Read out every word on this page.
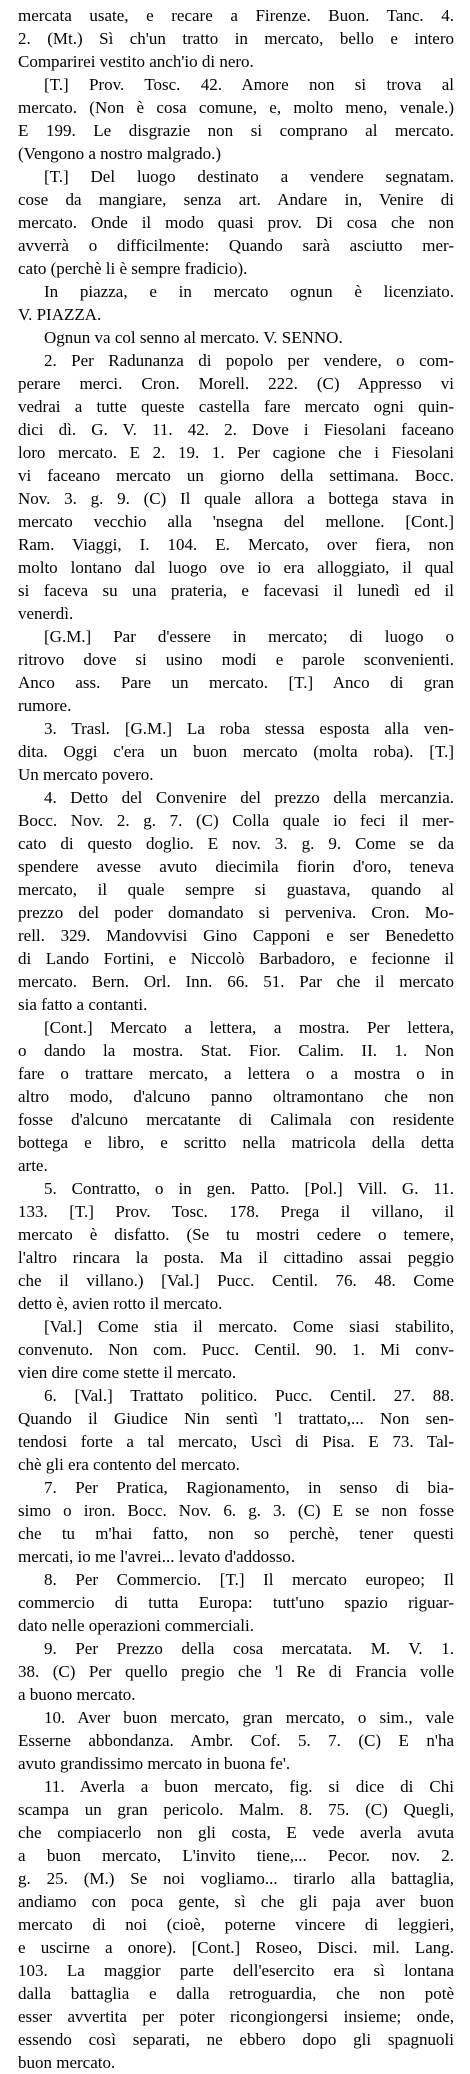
mercata usate, e recare a Firenze. Buon. Tanc. 4.
2. (Mt.) Sì ch'un tratto in mercato, bello e intero
Comparirei vestito anch'io di nero.
[T.] Prov. Tosc. 42. Amore non si trova al
mercato. (Non è cosa comune, e, molto meno, venale.)
E 199. Le disgrazie non si comprano al mercato.
(Vengono a nostro malgrado.)
[T.] Del luogo destinato a vendere segnatam.
cose da mangiare, senza art. Andare in, Venire di
mercato. Onde il modo quasi prov. Di cosa che non
avverrà o difficilmente: Quando sarà asciutto mer-
cato (perchè li è sempre fradicio).
In piazza, e in mercato ognun è licenziato.
V. PIAZZA.
Ognun va col senno al mercato. V. SENNO.
2. Per Radunanza di popolo per vendere, o com-
perare merci. Cron. Morell. 222. (C) Appresso vi
vedrai a tutte queste castella fare mercato ogni quin-
dici dì. G. V. 11. 42. 2. Dove i Fiesolani faceano
loro mercato. E 2. 19. 1. Per cagione che i Fiesolani
vi faceano mercato un giorno della settimana. Bocc.
Nov. 3. g. 9. (C) Il quale allora a bottega stava in
mercato vecchio alla 'nsegna del mellone. [Cont.]
Ram. Viaggi, I. 104. E. Mercato, over fiera, non
molto lontano dal luogo ove io era alloggiato, il qual
si faceva su una prateria, e facevasi il lunedì ed il
venerdì.
[G.M.] Par d'essere in mercato; di luogo o
ritrovo dove si usino modi e parole sconvenienti.
Anco ass. Pare un mercato. [T.] Anco di gran
rumore.
3. Trasl. [G.M.] La roba stessa esposta alla ven-
dita. Oggi c'era un buon mercato (molta roba). [T.]
Un mercato povero.
4. Detto del Convenire del prezzo della mercanzia.
Bocc. Nov. 2. g. 7. (C) Colla quale io feci il mer-
cato di questo doglio. E nov. 3. g. 9. Come se da
spendere avesse avuto diecimila fiorin d'oro, teneva
mercato, il quale sempre si guastava, quando al
prezzo del poder domandato si perveniva. Cron. Mo-
rell. 329. Mandovvisi Gino Capponi e ser Benedetto
di Lando Fortini, e Niccolò Barbadoro, e fecionne il
mercato. Bern. Orl. Inn. 66. 51. Par che il mercato
sia fatto a contanti.
[Cont.] Mercato a lettera, a mostra. Per lettera,
o dando la mostra. Stat. Fior. Calim. II. 1. Non
fare o trattare mercato, a lettera o a mostra o in
altro modo, d'alcuno panno oltramontano che non
fosse d'alcuno mercatante di Calimala con residente
bottega e libro, e scritto nella matricola della detta
arte.
5. Contratto, o in gen. Patto. [Pol.] Vill. G. 11.
133. [T.] Prov. Tosc. 178. Prega il villano, il
mercato è disfatto. (Se tu mostri cedere o temere,
l'altro rincara la posta. Ma il cittadino assai peggio
che il villano.) [Val.] Pucc. Centil. 76. 48. Come
detto è, avien rotto il mercato.
[Val.] Come stia il mercato. Come siasi stabilito,
convenuto. Non com. Pucc. Centil. 90. 1. Mi conv-
vien dire come stette il mercato.
6. [Val.] Trattato politico. Pucc. Centil. 27. 88.
Quando il Giudice Nin sentì 'l trattato,... Non sen-
tendosi forte a tal mercato, Uscì di Pisa. E 73. Tal-
chè gli era contento del mercato.
7. Per Pratica, Ragionamento, in senso di bia-
simo o iron. Bocc. Nov. 6. g. 3. (C) E se non fosse
che tu m'hai fatto, non so perchè, tener questi
mercati, io me l'avrei... levato d'addosso.
8. Per Commercio. [T.] Il mercato europeo; Il
commercio di tutta Europa: tutt'uno spazio riguar-
dato nelle operazioni commerciali.
9. Per Prezzo della cosa mercatata. M. V. 1.
38. (C) Per quello pregio che 'l Re di Francia volle
a buono mercato.
10. Aver buon mercato, gran mercato, o sim., vale
Esserne abbondanza. Ambr. Cof. 5. 7. (C) E n'ha
avuto grandissimo mercato in buona fe'.
11. Averla a buon mercato, fig. si dice di Chi
scampa un gran pericolo. Malm. 8. 75. (C) Quegli,
che compiacerlo non gli costa, E vede averla avuta
a buon mercato, L'invito tiene,... Pecor. nov. 2.
g. 25. (M.) Se noi vogliamo... tirarlo alla battaglia,
andiamo con poca gente, sì che gli paja aver buon
mercato di noi (cioè, poterne vincere di leggieri,
e uscirne a onore). [Cont.] Roseo, Disci. mil. Lang.
103. La maggior parte dell'esercito era sì lontana
dalla battaglia e dalla retroguardia, che non potè
esser avvertita per poter ricongiongersi insieme; onde,
essendo così separati, ne ebbero dopo gli spagnuoli
buon mercato.
